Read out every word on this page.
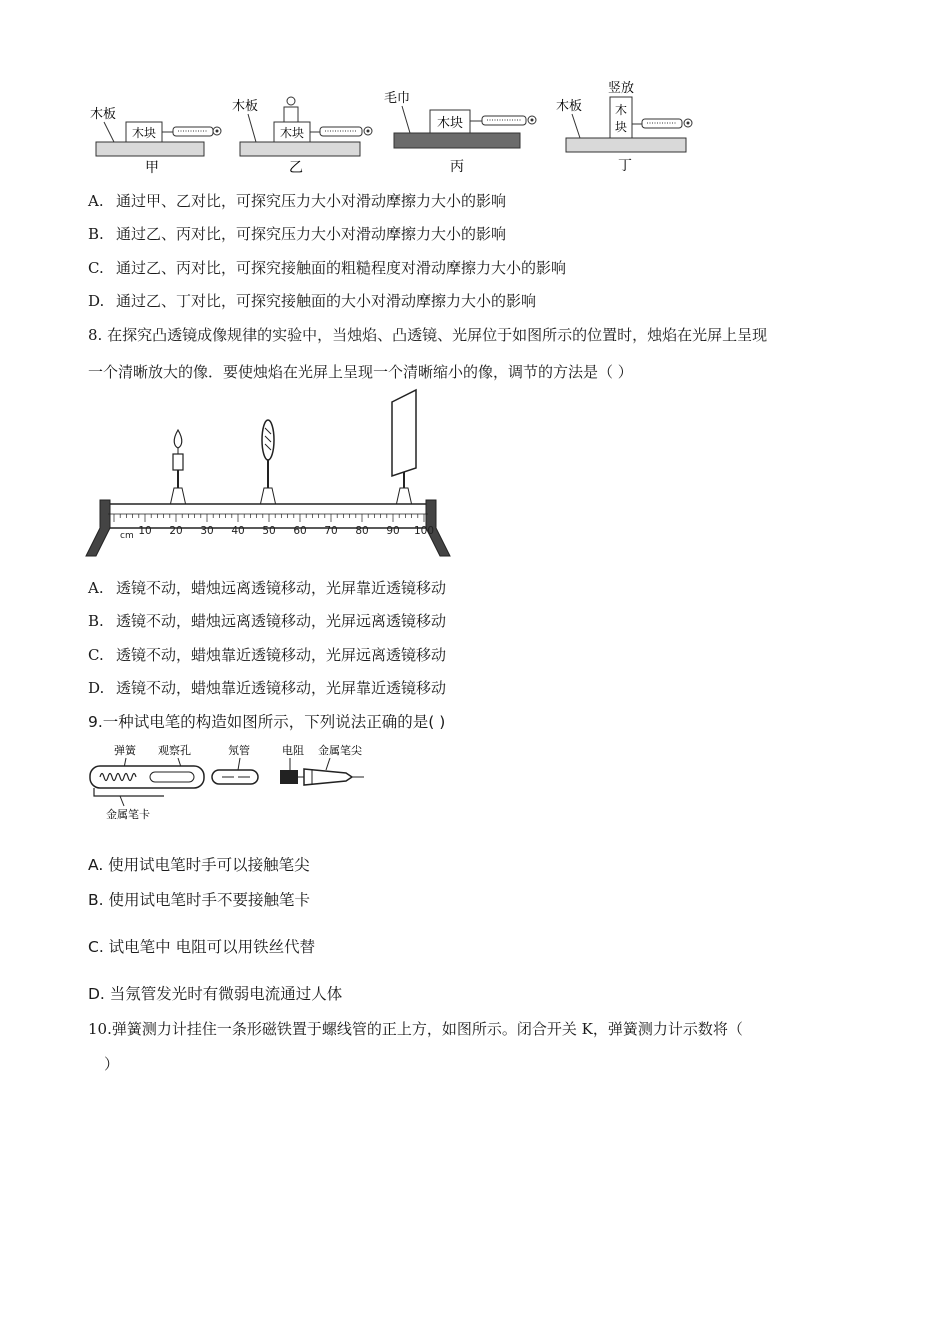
木块
木板
甲
木块
木板
乙
木块
毛巾
丙
木
块
木板
竖放
丁
A. 通过甲、乙对比，可探究压力大小对滑动摩擦力大小的影响
B. 通过乙、丙对比，可探究压力大小对滑动摩擦力大小的影响
C. 通过乙、丙对比，可探究接触面的粗糙程度对滑动摩擦力大小的影响
D. 通过乙、丁对比，可探究接触面的大小对滑动摩擦力大小的影响
8. 在探究凸透镜成像规律的实验中，当烛焰、凸透镜、光屏位于如图所示的位置时，烛焰在光屏上呈现
一个清晰放大的像．要使烛焰在光屏上呈现一个清晰缩小的像，调节的方法是（ ）
cm 10 20 30 40 50 60 70 80 90 100
A. 透镜不动，蜡烛远离透镜移动，光屏靠近透镜移动
B. 透镜不动，蜡烛远离透镜移动，光屏远离透镜移动
C. 透镜不动，蜡烛靠近透镜移动，光屏远离透镜移动
D. 透镜不动，蜡烛靠近透镜移动，光屏靠近透镜移动
9.一种试电笔的构造如图所示，下列说法正确的是( )
弹簧 观察孔	氖管	电阻 金属笔尖
金属笔卡
A. 使用试电笔时手可以接触笔尖
B. 使用试电笔时手不要接触笔卡
C. 试电笔中 电阻可以用铁丝代替
D. 当氖管发光时有微弱电流通过人体
10.弹簧测力计挂住一条形磁铁置于螺线管的正上方，如图所示。闭合开关 K，弹簧测力计示数将（
）
